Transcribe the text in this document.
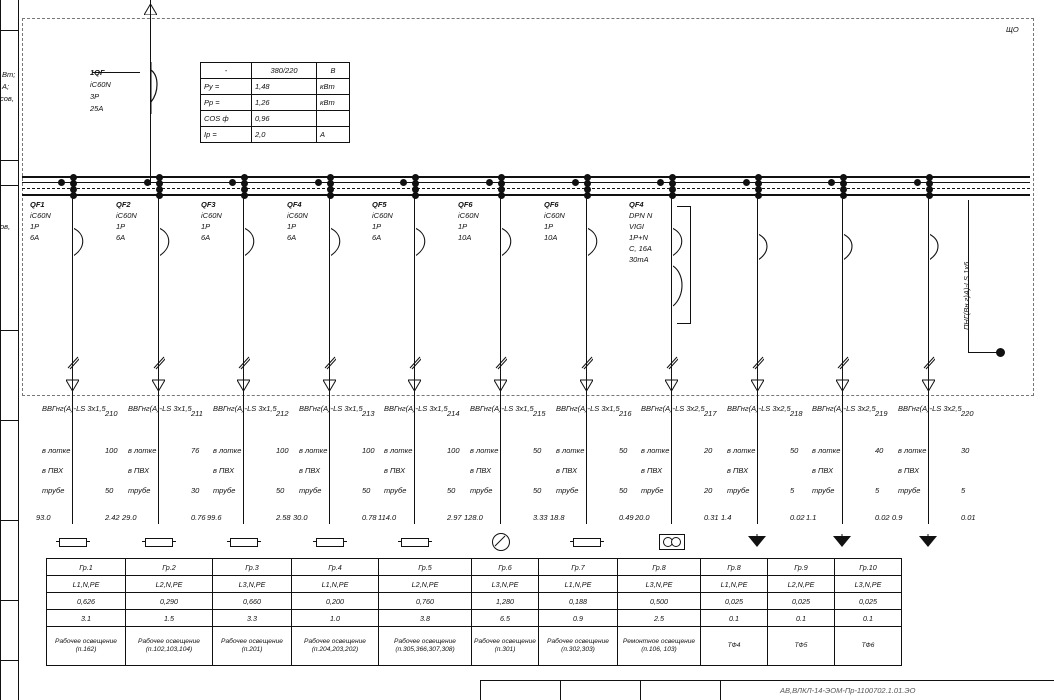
Вт;
А;
сов,
ов,
ЩО
1QF
iC60N
3P
25A
-	380/220	В
Pу =	1,48	кВт
Pр =	1,26	кВт
COS ф	0,96	
Iр =	2,0	А
QF1
iC60N
1P
6A
QF2
iC60N
1P
6A
QF3
iC60N
1P
6A
QF4
iC60N
1P
6A
QF5
iC60N
1P
6A
QF6
iC60N
1P
10A
QF6
iC60N
1P
10A
QF4
DPN N
VIGI
1P+N
C, 16A
30mA
ВВГнг(А)-LS 3х1,5
210
в лотке	100
в ПВХ
трубе	50
93.0	2.42
ВВГнг(А)-LS 3х1,5
211
в лотке	76
в ПВХ
трубе	30
29.0	0.76
ВВГнг(А)-LS 3х1,5
212
в лотке	100
в ПВХ
трубе	50
99.6	2.58
ВВГнг(А)-LS 3х1,5
213
в лотке	100
в ПВХ
трубе	50
30.0	0.78
ВВГнг(А)-LS 3х1,5
214
в лотке	100
в ПВХ
трубе	50
114.0	2.97
ВВГнг(А)-LS 3х1,5
215
в лотке	50
в ПВХ
трубе	50
128.0	3.33
ВВГнг(А)-LS 3х1,5
216
в лотке	50
в ПВХ
трубе	50
18.8	0.49
ВВГнг(А)-LS 3х2,5
217
в лотке	20
в ПВХ
трубе	20
20.0	0.31
ВВГнг(А)-LS 3х2,5
218
в лотке	50
в ПВХ
трубе	5
1.4	0.02
ВВГнг(А)-LS 3х2,5
219
в лотке	40
в ПВХ
трубе	5
1.1	0.02
ВВГнг(А)-LS 3х2,5
220
в лотке	30
в ПВХ
трубе	5
0.9	0.01
ПНГ(Вн.г)А)-LS 1х6
Гр.1	Гр.2	Гр.3	Гр.4	Гр.5	Гр.6	Гр.7	Гр.8	Гр.8	Гр.9	Гр.10
L1,N,PE	L2,N,PE	L3,N,PE	L1,N,PE	L2,N,PE	L3,N,PE	L1,N,PE	L3,N,PE	L1,N,PE	L2,N,PE	L3,N,PE
0,626	0,290	0,660	0,200	0,760	1,280	0,188	0,500	0,025	0,025	0,025
3.1	1.5	3.3	1.0	3.8	6.5	0.9	2.5	0.1	0.1	0.1
Рабочее освещение (п.162)	Рабочее освещение (п.102,103,104)	Рабочее освещение (п.201)	Рабочее освещение (п.204,203,202)	Рабочее освещение (п.305,366,307,308)	Рабочее освещение (п.301)	Рабочее освещение (п.302,303)	Ремонтное освещение (п.106, 103)	ТФ4	ТФ5	ТФ6
АВ,ВЛКЛ-14-ЭОМ-Пр-1100702.1.01.ЭО
